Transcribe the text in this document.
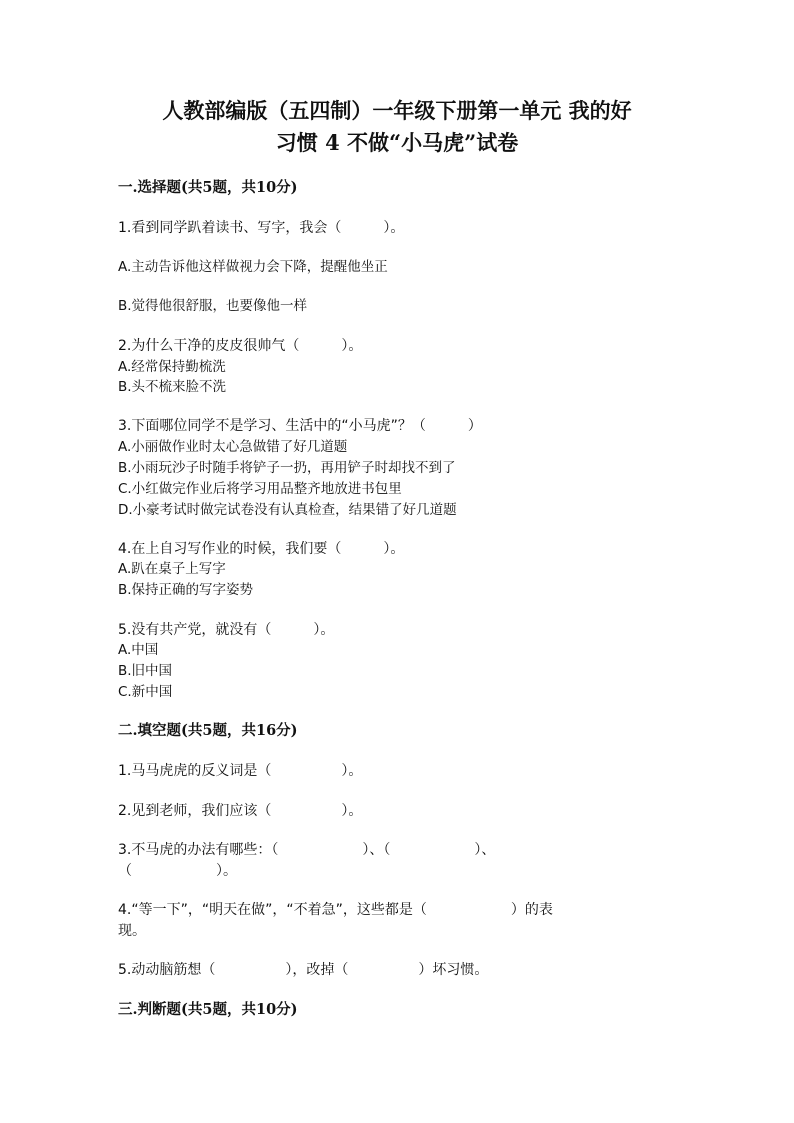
人教部编版（五四制）一年级下册第一单元 我的好
习惯 4 不做“小马虎”试卷
一.选择题(共5题，共10分)
1.看到同学趴着读书、写字，我会（　　　）。
A.主动告诉他这样做视力会下降，提醒他坐正
B.觉得他很舒服，也要像他一样
2.为什么干净的皮皮很帅气（　　　）。
A.经常保持勤梳洗
B.头不梳来脸不洗
3.下面哪位同学不是学习、生活中的“小马虎”？（　　　）
A.小丽做作业时太心急做错了好几道题
B.小雨玩沙子时随手将铲子一扔，再用铲子时却找不到了
C.小红做完作业后将学习用品整齐地放进书包里
D.小豪考试时做完试卷没有认真检查，结果错了好几道题
4.在上自习写作业的时候，我们要（　　　）。
A.趴在桌子上写字
B.保持正确的写字姿势
5.没有共产党，就没有（　　　）。
A.中国
B.旧中国
C.新中国
二.填空题(共5题，共16分)
1.马马虎虎的反义词是（　　　　　）。
2.见到老师，我们应该（　　　　　）。
3.不马虎的办法有哪些：（　　　　　　）、（　　　　　　）、
（　　　　　　）。
4.“等一下”，“明天在做”，“不着急”，这些都是（　　　　　　）的表
现。
5.动动脑筋想（　　　　　），改掉（　　　　　）坏习惯。
三.判断题(共5题，共10分)
